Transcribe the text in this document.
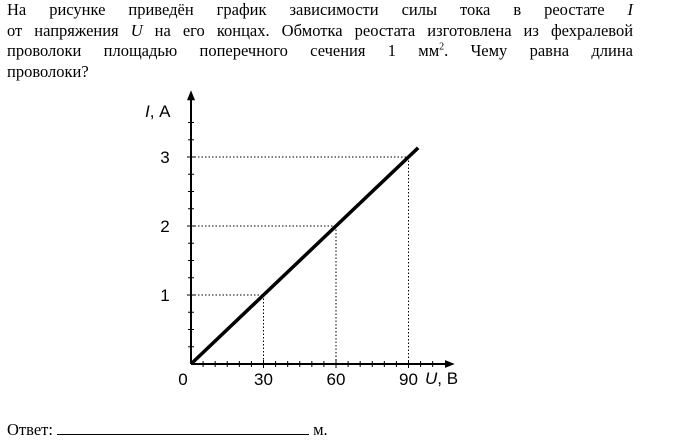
На рисунке приведён график зависимости силы тока в реостате I
от напряжения U на его концах. Обмотка реостата изготовлена из фехралевой
проволоки площадью поперечного сечения 1 $мм^2$. Чему равна длина
проволоки?
30	60	90
1
2
3
0
I, А
U, В
Ответ:	м.
